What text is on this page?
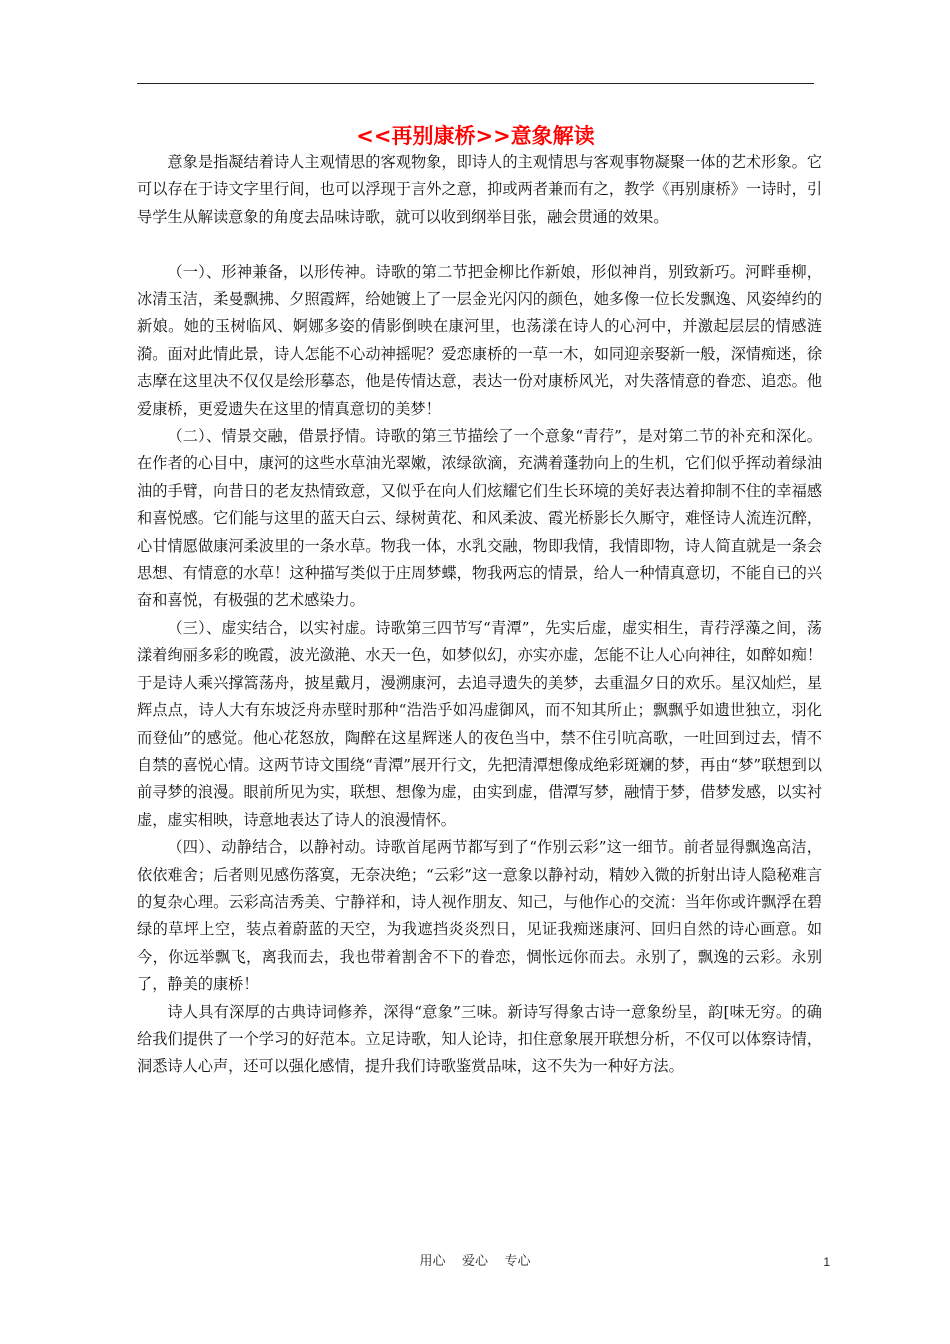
<<再别康桥>>意象解读

意象是指凝结着诗人主观情思的客观物象，即诗人的主观情思与客观事物凝聚一体的艺术形象。它可以存在于诗文字里行间，也可以浮现于言外之意，抑或两者兼而有之，教学《再别康桥》一诗时，引导学生从解读意象的角度去品味诗歌，就可以收到纲举目张，融会贯通的效果。

（一）、形神兼备，以形传神。诗歌的第二节把金柳比作新娘，形似神肖，别致新巧。河畔垂柳，冰清玉洁，柔曼飘拂、夕照霞辉，给她镀上了一层金光闪闪的颜色，她多像一位长发飘逸、风姿绰约的新娘。她的玉树临风、婀娜多姿的倩影倒映在康河里，也荡漾在诗人的心河中，并激起层层的情感涟漪。面对此情此景，诗人怎能不心动神摇呢？爱恋康桥的一草一木，如同迎亲娶新一般，深情痴迷，徐志摩在这里决不仅仅是绘形摹态，他是传情达意，表达一份对康桥风光，对失落情意的眷恋、追恋。他爱康桥，更爱遗失在这里的情真意切的美梦！

（二）、情景交融，借景抒情。诗歌的第三节描绘了一个意象“青荇”，是对第二节的补充和深化。在作者的心目中，康河的这些水草油光翠嫩，浓绿欲滴，充满着蓬勃向上的生机，它们似乎挥动着绿油油的手臂，向昔日的老友热情致意，又似乎在向人们炫耀它们生长环境的美好表达着抑制不住的幸福感和喜悦感。它们能与这里的蓝天白云、绿树黄花、和风柔波、霞光桥影长久厮守，难怪诗人流连沉醉，心甘情愿做康河柔波里的一条水草。物我一体，水乳交融，物即我情，我情即物，诗人简直就是一条会思想、有情意的水草！这种描写类似于庄周梦蝶，物我两忘的情景，给人一种情真意切，不能自已的兴奋和喜悦，有极强的艺术感染力。

（三）、虚实结合，以实衬虚。诗歌第三四节写“青潭”，先实后虚，虚实相生，青荇浮藻之间，荡漾着绚丽多彩的晚霞，波光潋滟、水天一色，如梦似幻，亦实亦虚，怎能不让人心向神往，如醉如痴！于是诗人乘兴撑篙荡舟，披星戴月，漫溯康河，去追寻遗失的美梦，去重温夕日的欢乐。星汉灿烂，星辉点点，诗人大有东坡泛舟赤壁时那种“浩浩乎如冯虚御风，而不知其所止；飘飘乎如遗世独立，羽化而登仙”的感觉。他心花怒放，陶醉在这星辉迷人的夜色当中，禁不住引吭高歌，一吐回到过去，情不自禁的喜悦心情。这两节诗文围绕“青潭”展开行文，先把清潭想像成绝彩斑斓的梦，再由“梦”联想到以前寻梦的浪漫。眼前所见为实，联想、想像为虚，由实到虚，借潭写梦，融情于梦，借梦发感，以实衬虚，虚实相映，诗意地表达了诗人的浪漫情怀。

（四）、动静结合，以静衬动。诗歌首尾两节都写到了“作别云彩”这一细节。前者显得飘逸高洁，依依难舍；后者则见感伤落寞，无奈决绝；“云彩”这一意象以静衬动，精妙入微的折射出诗人隐秘难言的复杂心理。云彩高洁秀美、宁静祥和，诗人视作朋友、知己，与他作心的交流：当年你或许飘浮在碧绿的草坪上空，装点着蔚蓝的天空，为我遮挡炎炎烈日，见证我痴迷康河、回归自然的诗心画意。如今，你远举飘飞，离我而去，我也带着割舍不下的眷恋，惆怅远你而去。永别了，飘逸的云彩。永别了，静美的康桥！

诗人具有深厚的古典诗词修养，深得“意象”三味。新诗写得象古诗一意象纷呈，韵[味无穷。的确给我们提供了一个学习的好范本。立足诗歌，知人论诗，扣住意象展开联想分析，不仅可以体察诗情，洞悉诗人心声，还可以强化感情，提升我们诗歌鉴赏品味，这不失为一种好方法。

用心    爱心    专心	1
